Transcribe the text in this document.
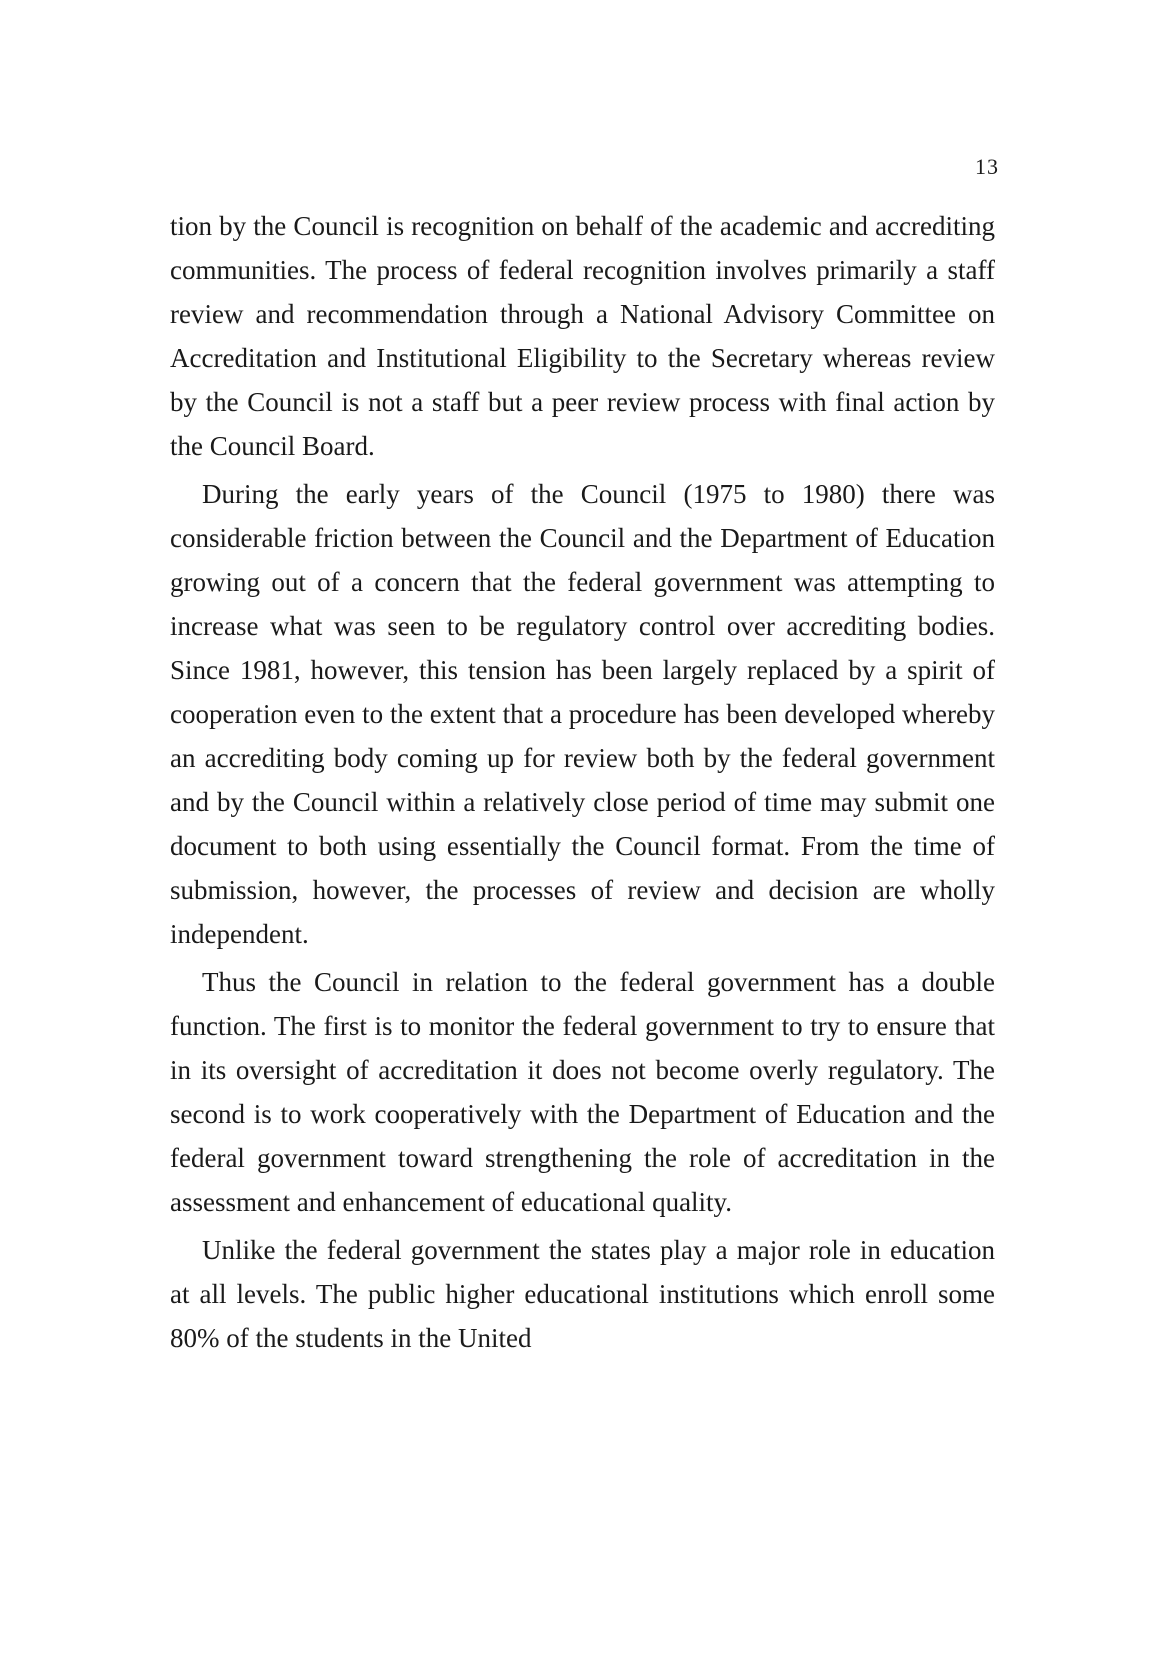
13

tion by the Council is recognition on behalf of the academic and accrediting communities. The process of federal recognition involves primarily a staff review and recommendation through a National Advisory Committee on Accreditation and Institutional Eligibility to the Secretary whereas review by the Council is not a staff but a peer review process with final action by the Council Board.

During the early years of the Council (1975 to 1980) there was considerable friction between the Council and the Department of Education growing out of a concern that the federal government was attempting to increase what was seen to be regulatory control over accrediting bodies. Since 1981, however, this tension has been largely replaced by a spirit of cooperation even to the extent that a procedure has been developed whereby an accrediting body coming up for review both by the federal government and by the Council within a relatively close period of time may submit one document to both using essentially the Council format. From the time of submission, however, the processes of review and decision are wholly independent.

Thus the Council in relation to the federal government has a double function. The first is to monitor the federal government to try to ensure that in its oversight of accreditation it does not become overly regulatory. The second is to work cooperatively with the Department of Education and the federal government toward strengthening the role of accreditation in the assessment and enhancement of educational quality.

Unlike the federal government the states play a major role in education at all levels. The public higher educational institutions which enroll some 80% of the students in the United
